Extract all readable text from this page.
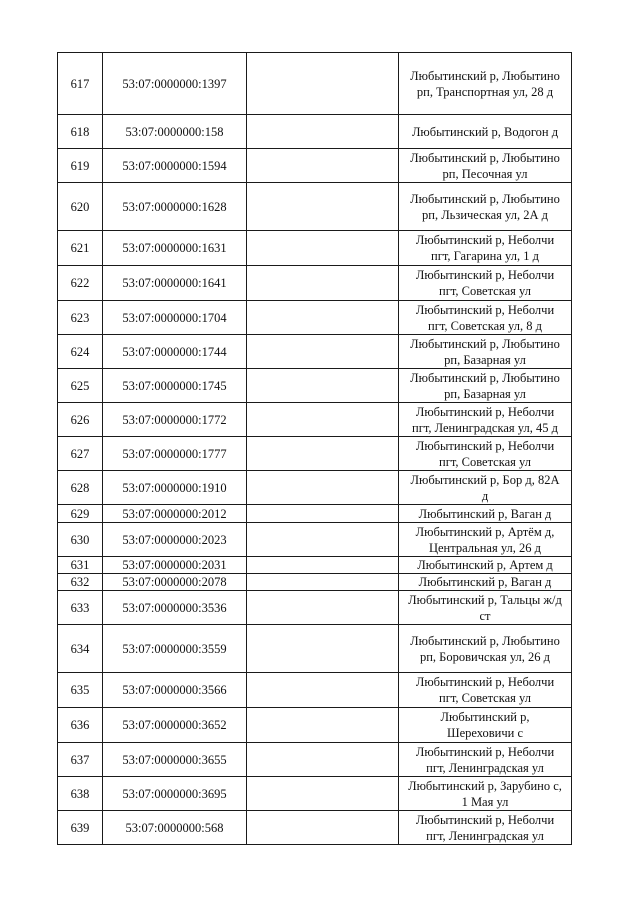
617	53:07:0000000:1397		Любытинский р, Любытино
рп, Транспортная ул, 28 д
618	53:07:0000000:158		Любытинский р, Водогон д
619	53:07:0000000:1594		Любытинский р, Любытино
рп, Песочная ул
620	53:07:0000000:1628		Любытинский р, Любытино
рп, Льзическая ул, 2А д
621	53:07:0000000:1631		Любытинский р, Неболчи
пгт, Гагарина ул, 1 д
622	53:07:0000000:1641		Любытинский р, Неболчи
пгт, Советская ул
623	53:07:0000000:1704		Любытинский р, Неболчи
пгт, Советская ул, 8 д
624	53:07:0000000:1744		Любытинский р, Любытино
рп, Базарная ул
625	53:07:0000000:1745		Любытинский р, Любытино
рп, Базарная ул
626	53:07:0000000:1772		Любытинский р, Неболчи
пгт, Ленинградская ул, 45 д
627	53:07:0000000:1777		Любытинский р, Неболчи
пгт, Советская ул
628	53:07:0000000:1910		Любытинский р, Бор д, 82А
д
629	53:07:0000000:2012		Любытинский р, Ваган д
630	53:07:0000000:2023		Любытинский р, Артём д,
Центральная ул, 26 д
631	53:07:0000000:2031		Любытинский р, Артем д
632	53:07:0000000:2078		Любытинский р, Ваган д
633	53:07:0000000:3536		Любытинский р, Тальцы ж/д
ст
634	53:07:0000000:3559		Любытинский р, Любытино
рп, Боровичская ул, 26 д
635	53:07:0000000:3566		Любытинский р, Неболчи
пгт, Советская ул
636	53:07:0000000:3652		Любытинский р,
Шереховичи с
637	53:07:0000000:3655		Любытинский р, Неболчи
пгт, Ленинградская ул
638	53:07:0000000:3695		Любытинский р, Зарубино с,
1 Мая ул
639	53:07:0000000:568		Любытинский р, Неболчи
пгт, Ленинградская ул
